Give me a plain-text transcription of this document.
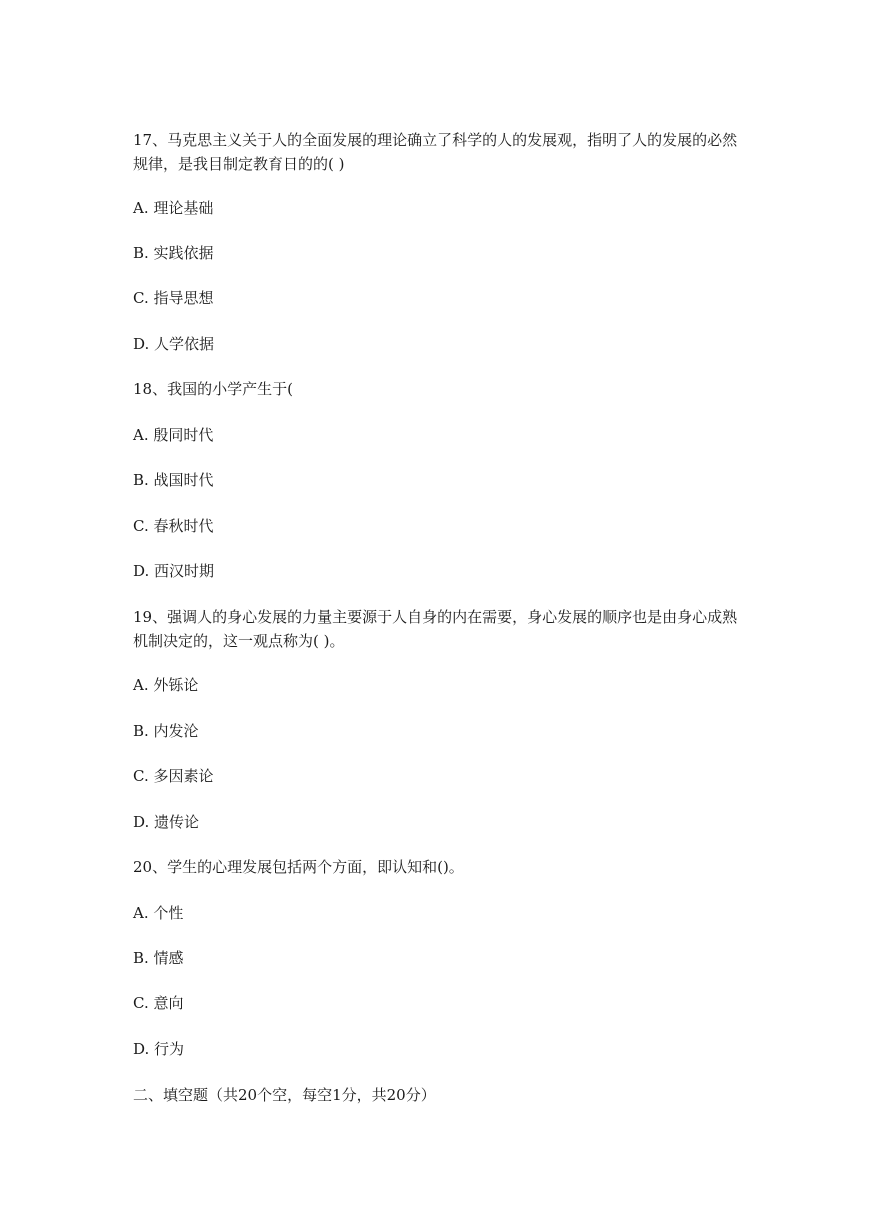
17、马克思主义关于人的全面发展的理论确立了科学的人的发展观，指明了人的发展的必然规律，是我目制定教育日的的( )
A. 理论基础
B. 实践依据
C. 指导思想
D. 人学依据
18、我国的小学产生于(
A. 殷同时代
B. 战国时代
C. 春秋时代
D. 西汉时期
19、强调人的身心发展的力量主要源于人自身的内在需要，身心发展的顺序也是由身心成熟机制决定的，这一观点称为( )。
A. 外铄论
B. 内发沦
C. 多因素论
D. 遗传论
20、学生的心理发展包括两个方面，即认知和()。
A. 个性
B. 情感
C. 意向
D. 行为
二、填空题（共20个空，每空1分，共20分）
